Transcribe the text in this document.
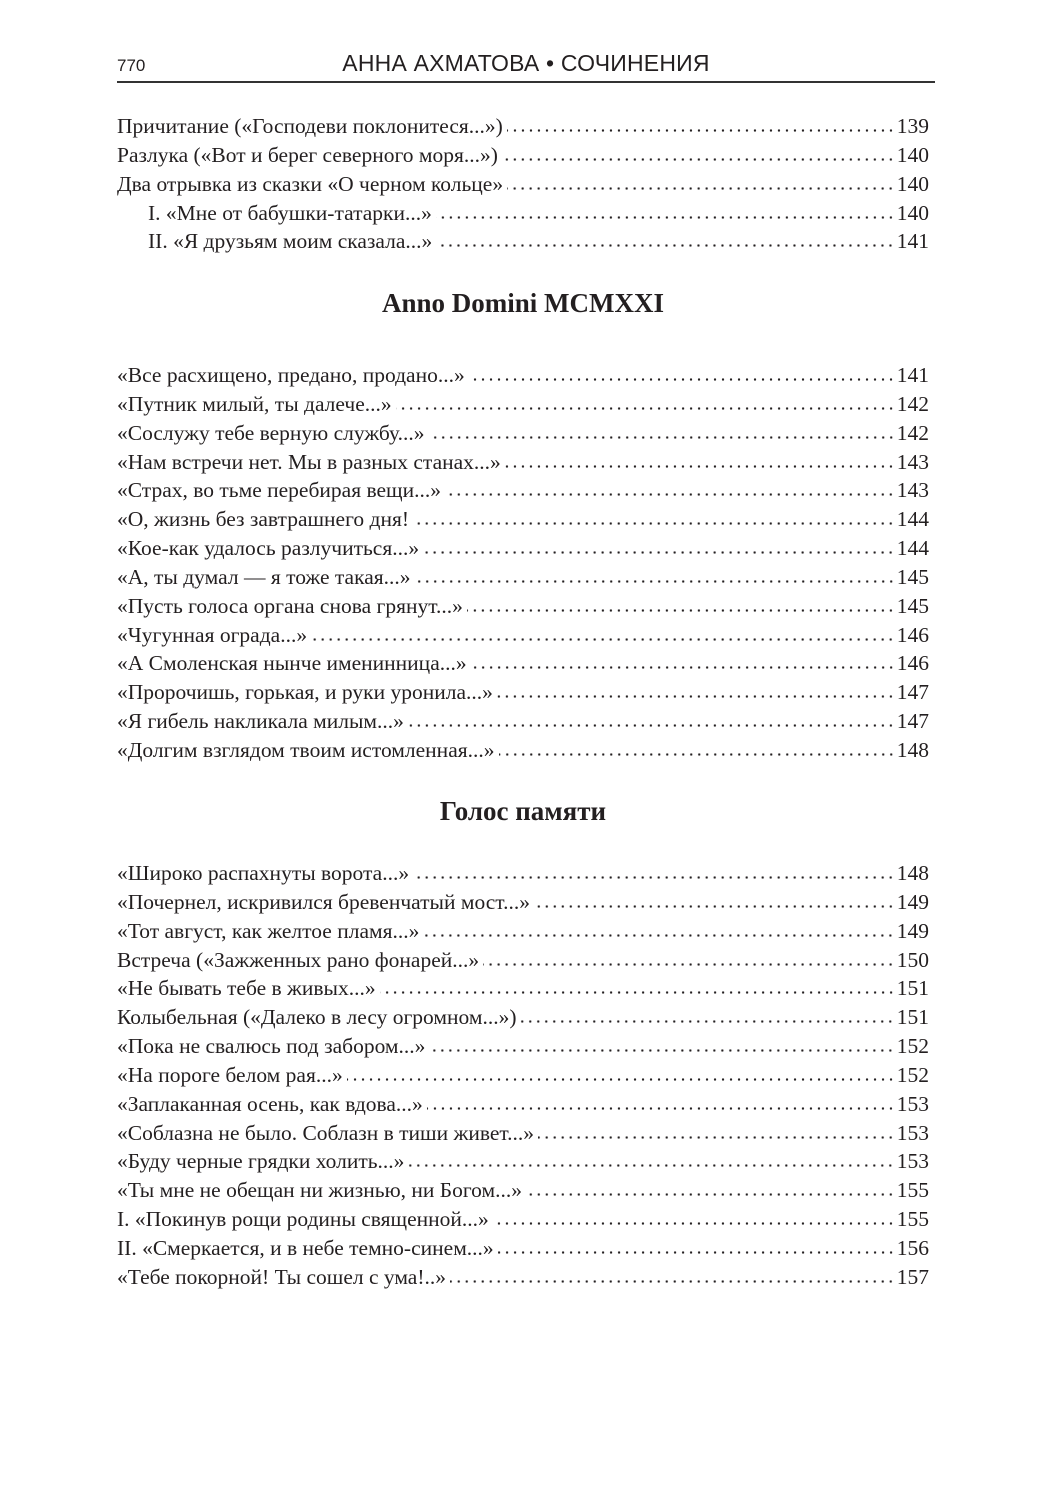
770	АННА АХМАТОВА • СОЧИНЕНИЯ
Причитание («Господеви поклонитеся...»)	139
Разлука («Вот и берег северного моря...»)	140
Два отрывка из сказки «О черном кольце»	140
I. «Мне от бабушки-татарки...»	140
II. «Я друзьям моим сказала...»	141
Anno Domini MCMXXI
«Все расхищено, предано, продано...»	141
«Путник милый, ты далече...»	142
«Сослужу тебе верную службу...»	142
«Нам встречи нет. Мы в разных станах...»	143
«Страх, во тьме перебирая вещи...»	143
«О, жизнь без завтрашнего дня!	144
«Кое-как удалось разлучиться...»	144
«А, ты думал — я тоже такая...»	145
«Пусть голоса органа снова грянут...»	145
«Чугунная ограда...»	146
«А Смоленская нынче именинница...»	146
«Пророчишь, горькая, и руки уронила...»	147
«Я гибель накликала милым...»	147
«Долгим взглядом твоим истомленная...»	148
Голос памяти
«Широко распахнуты ворота...»	148
«Почернел, искривился бревенчатый мост...»	149
«Тот август, как желтое пламя...»	149
Встреча («Зажженных рано фонарей...»	150
«Не бывать тебе в живых...»	151
Колыбельная («Далеко в лесу огромном...»)	151
«Пока не свалюсь под забором...»	152
«На пороге белом рая...»	152
«Заплаканная осень, как вдова...»	153
«Соблазна не было. Соблазн в тиши живет...»	153
«Буду черные грядки холить...»	153
«Ты мне не обещан ни жизнью, ни Богом...»	155
I. «Покинув рощи родины священной...»	155
II. «Смеркается, и в небе темно-синем...»	156
«Тебе покорной! Ты сошел с ума!..»	157
